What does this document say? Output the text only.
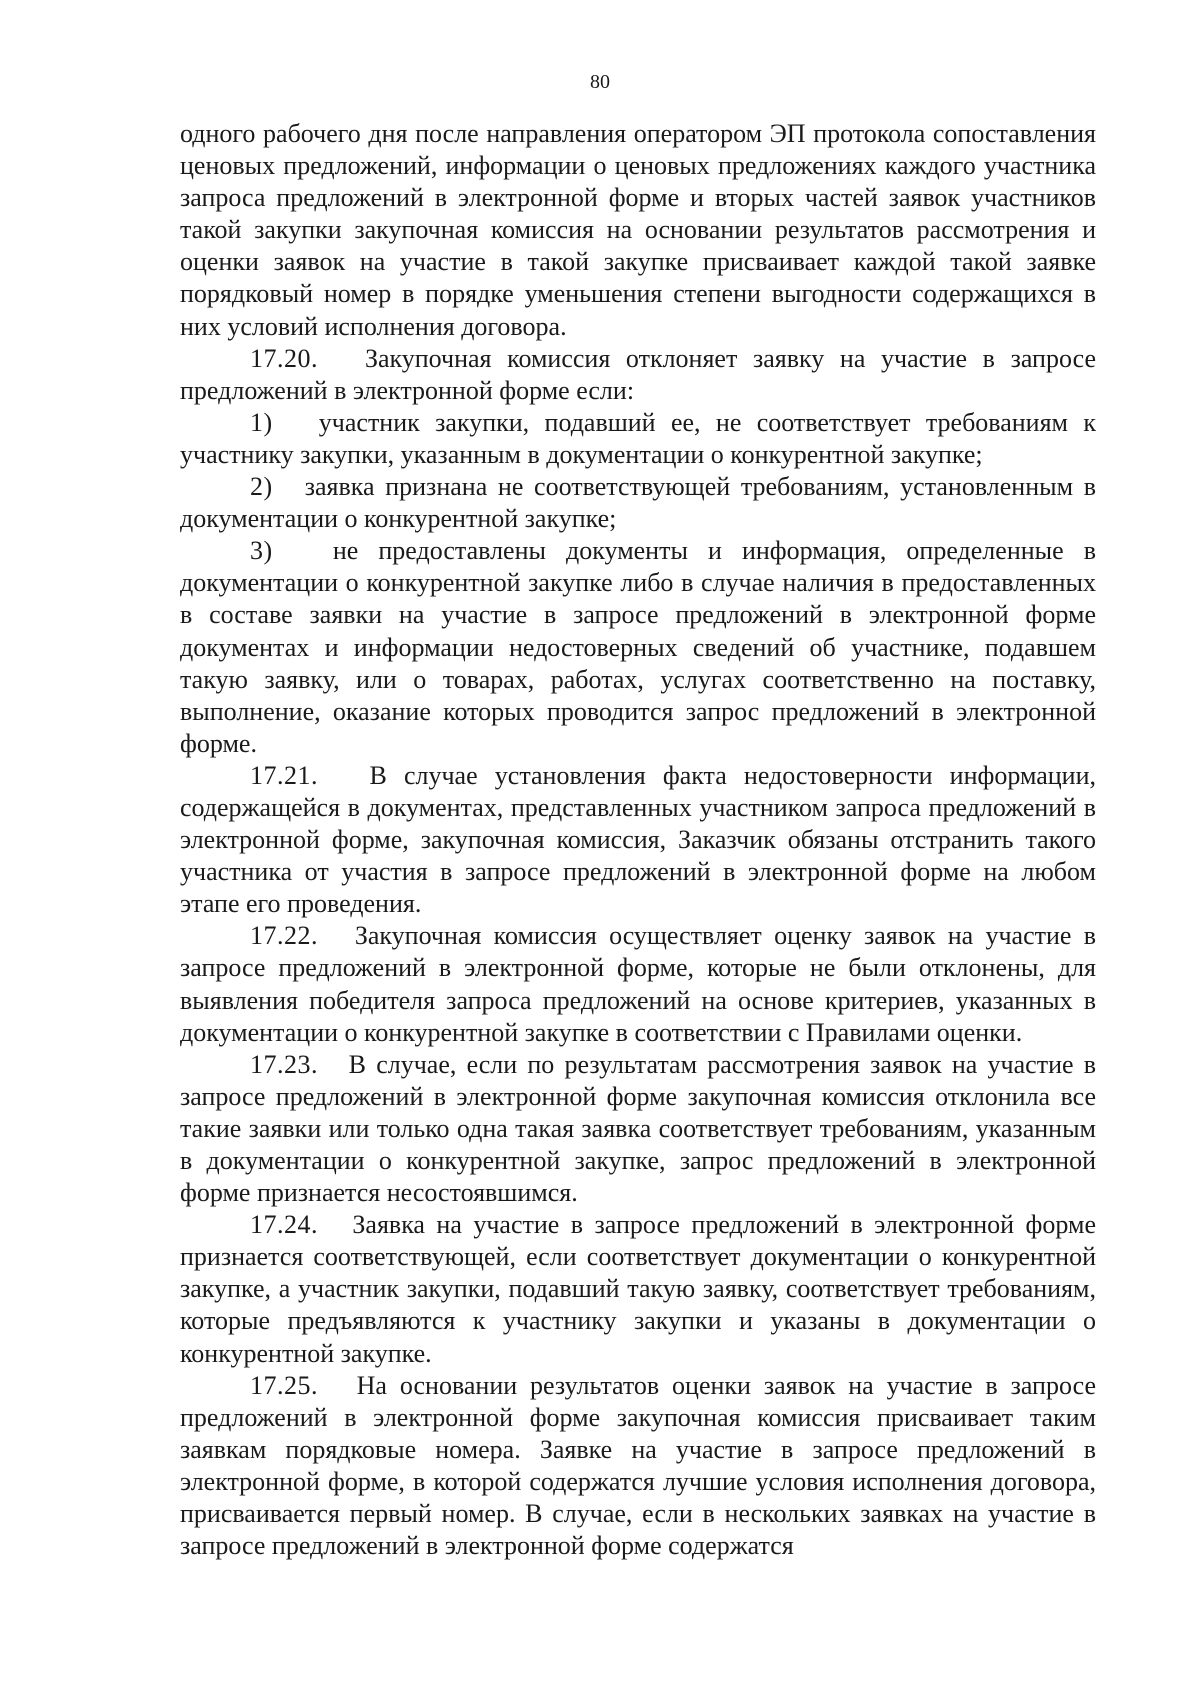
80

одного рабочего дня после направления оператором ЭП протокола сопоставления ценовых предложений, информации о ценовых предложениях каждого участника запроса предложений в электронной форме и вторых частей заявок участников такой закупки закупочная комиссия на основании результатов рассмотрения и оценки заявок на участие в такой закупке присваивает каждой такой заявке порядковый номер в порядке уменьшения степени выгодности содержащихся в них условий исполнения договора.

17.20. Закупочная комиссия отклоняет заявку на участие в запросе предложений в электронной форме если:

1) участник закупки, подавший ее, не соответствует требованиям к участнику закупки, указанным в документации о конкурентной закупке;

2) заявка признана не соответствующей требованиям, установленным в документации о конкурентной закупке;

3) не предоставлены документы и информация, определенные в документации о конкурентной закупке либо в случае наличия в предоставленных в составе заявки на участие в запросе предложений в электронной форме документах и информации недостоверных сведений об участнике, подавшем такую заявку, или о товарах, работах, услугах соответственно на поставку, выполнение, оказание которых проводится запрос предложений в электронной форме.

17.21. В случае установления факта недостоверности информации, содержащейся в документах, представленных участником запроса предложений в электронной форме, закупочная комиссия, Заказчик обязаны отстранить такого участника от участия в запросе предложений в электронной форме на любом этапе его проведения.

17.22. Закупочная комиссия осуществляет оценку заявок на участие в запросе предложений в электронной форме, которые не были отклонены, для выявления победителя запроса предложений на основе критериев, указанных в документации о конкурентной закупке в соответствии с Правилами оценки.

17.23. В случае, если по результатам рассмотрения заявок на участие в запросе предложений в электронной форме закупочная комиссия отклонила все такие заявки или только одна такая заявка соответствует требованиям, указанным в документации о конкурентной закупке, запрос предложений в электронной форме признается несостоявшимся.

17.24. Заявка на участие в запросе предложений в электронной форме признается соответствующей, если соответствует документации о конкурентной закупке, а участник закупки, подавший такую заявку, соответствует требованиям, которые предъявляются к участнику закупки и указаны в документации о конкурентной закупке.

17.25. На основании результатов оценки заявок на участие в запросе предложений в электронной форме закупочная комиссия присваивает таким заявкам порядковые номера. Заявке на участие в запросе предложений в электронной форме, в которой содержатся лучшие условия исполнения договора, присваивается первый номер. В случае, если в нескольких заявках на участие в запросе предложений в электронной форме содержатся
